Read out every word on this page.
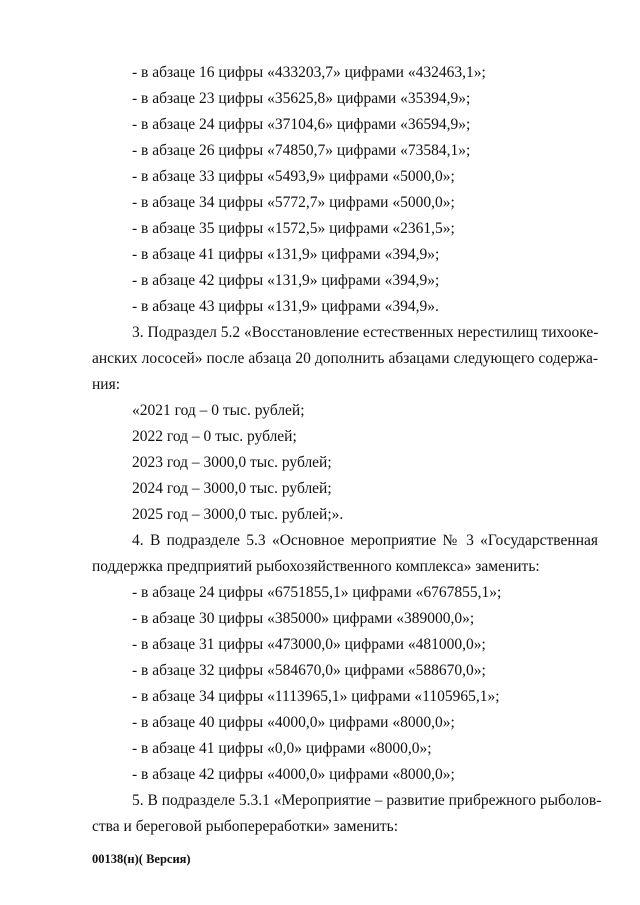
- в абзаце 16 цифры «433203,7» цифрами «432463,1»;
- в абзаце 23 цифры «35625,8» цифрами «35394,9»;
- в абзаце 24 цифры «37104,6» цифрами «36594,9»;
- в абзаце 26 цифры «74850,7» цифрами «73584,1»;
- в абзаце 33 цифры «5493,9» цифрами «5000,0»;
- в абзаце 34 цифры «5772,7» цифрами «5000,0»;
- в абзаце 35 цифры «1572,5» цифрами «2361,5»;
- в абзаце 41 цифры «131,9» цифрами «394,9»;
- в абзаце 42 цифры «131,9» цифрами «394,9»;
- в абзаце 43 цифры «131,9» цифрами «394,9».
3. Подраздел 5.2 «Восстановление естественных нерестилищ тихооке-
анских лососей» после абзаца 20 дополнить абзацами следующего содержа-
ния:
«2021 год – 0 тыс. рублей;
2022 год – 0 тыс. рублей;
2023 год – 3000,0 тыс. рублей;
2024 год – 3000,0 тыс. рублей;
2025 год – 3000,0 тыс. рублей;».
4. В подразделе 5.3 «Основное мероприятие № 3 «Государственная
поддержка предприятий рыбохозяйственного комплекса» заменить:
- в абзаце 24 цифры «6751855,1» цифрами «6767855,1»;
- в абзаце 30 цифры «385000» цифрами «389000,0»;
- в абзаце 31 цифры «473000,0» цифрами «481000,0»;
- в абзаце 32 цифры «584670,0» цифрами «588670,0»;
- в абзаце 34 цифры «1113965,1» цифрами «1105965,1»;
- в абзаце 40 цифры «4000,0» цифрами «8000,0»;
- в абзаце 41 цифры «0,0» цифрами «8000,0»;
- в абзаце 42 цифры «4000,0» цифрами «8000,0»;
5. В подразделе 5.3.1 «Мероприятие – развитие прибрежного рыболов-
ства и береговой рыбопереработки» заменить:
00138(н)( Версия)
